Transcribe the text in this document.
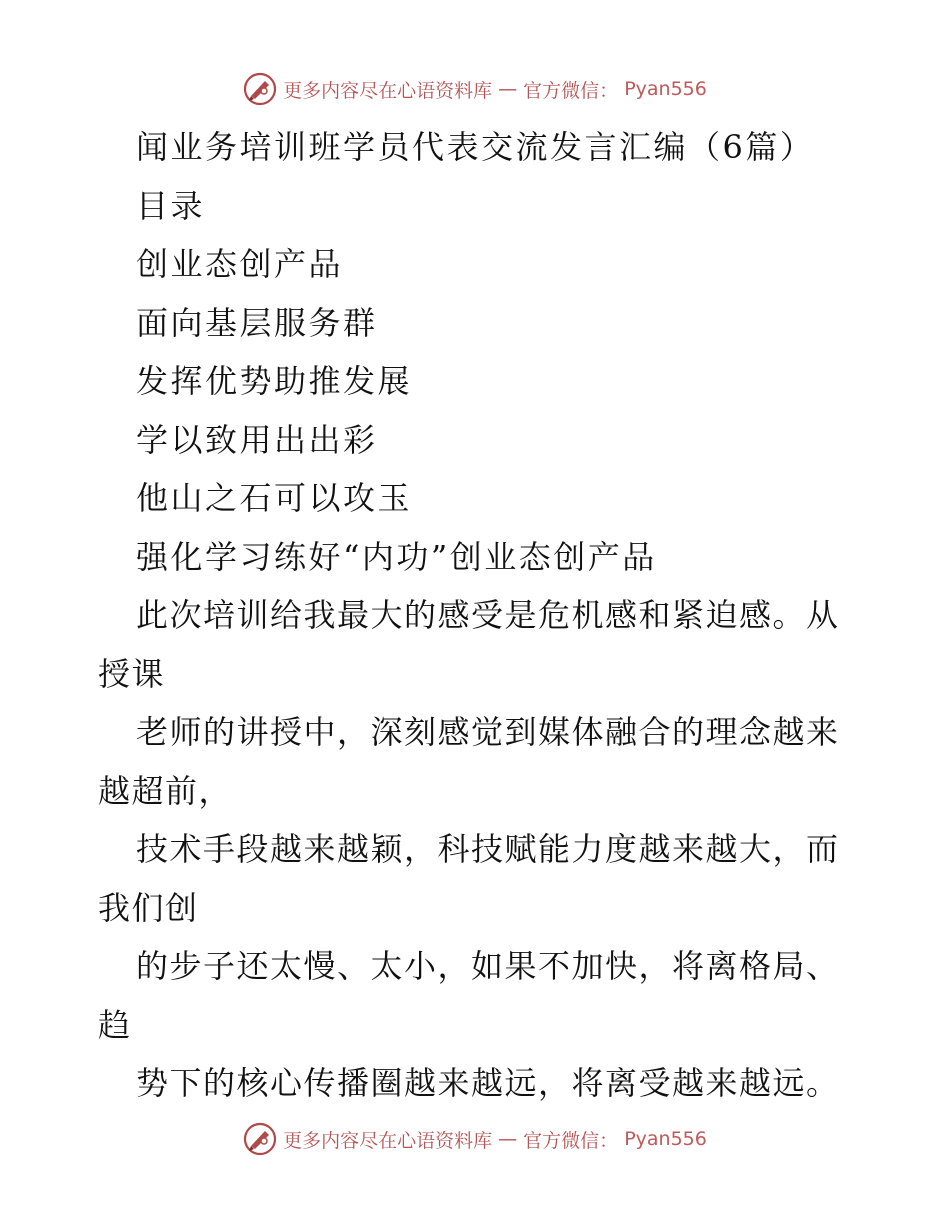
更多内容尽在心语资料库 — 官方微信： Pyan556
闻业务培训班学员代表交流发言汇编（6篇）
目录
创业态创产品
面向基层服务群
发挥优势助推发展
学以致用出出彩
他山之石可以攻玉
强化学习练好“内功”创业态创产品
此次培训给我最大的感受是危机感和紧迫感。从
授课
老师的讲授中，深刻感觉到媒体融合的理念越来
越超前，
技术手段越来越颖，科技赋能力度越来越大，而
我们创
的步子还太慢、太小，如果不加快，将离格局、
趋
势下的核心传播圈越来越远，将离受越来越远。
更多内容尽在心语资料库 — 官方微信： Pyan556
